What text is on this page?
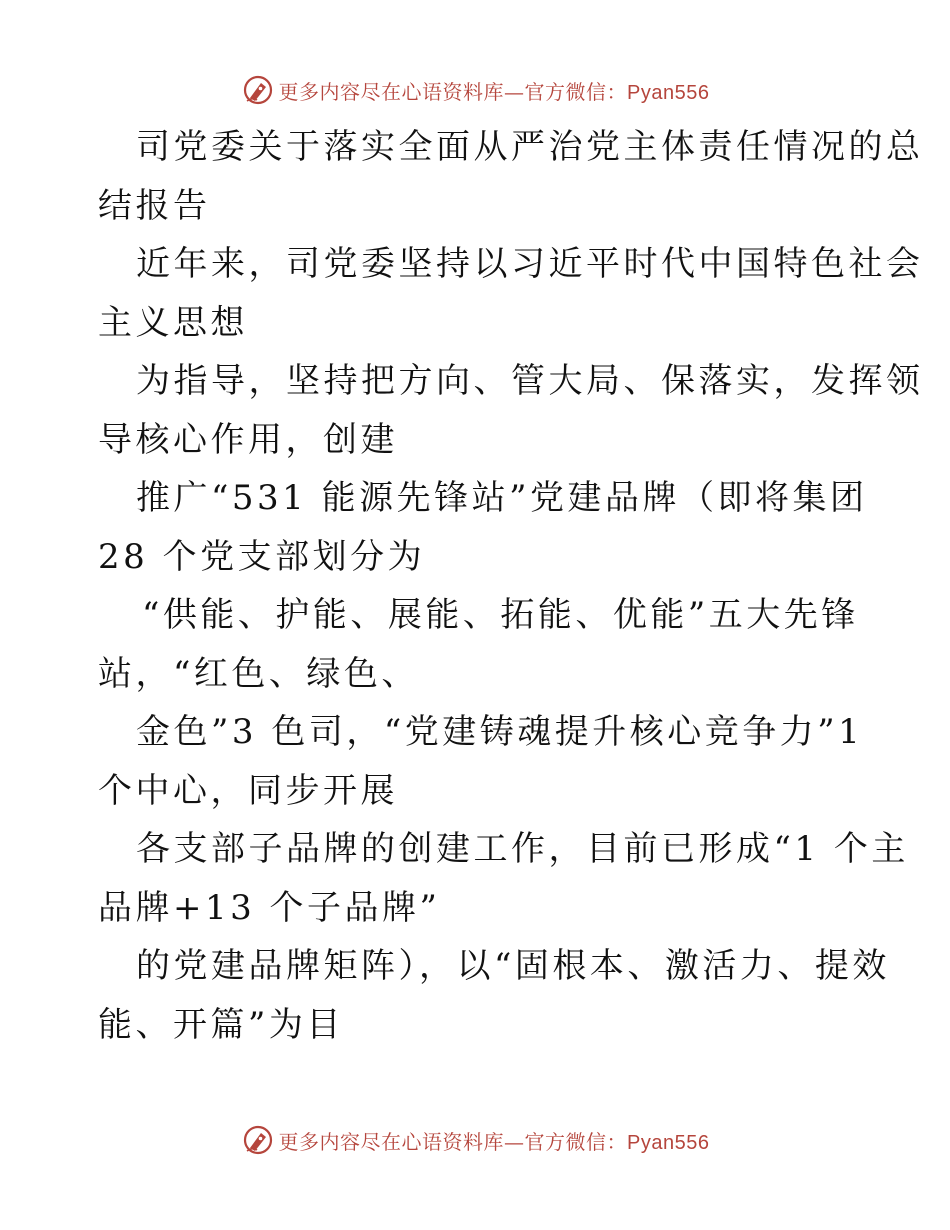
更多内容尽在心语资料库—官方微信：Pyan556
司党委关于落实全面从严治党主体责任情况的总
结报告
近年来，司党委坚持以习近平时代中国特色社会
主义思想
为指导，坚持把方向、管大局、保落实，发挥领
导核心作用，创建
推广“531 能源先锋站”党建品牌（即将集团
28 个党支部划分为
“供能、护能、展能、拓能、优能”五大先锋
站，“红色、绿色、
金色”3 色司，“党建铸魂提升核心竞争力”1
个中心，同步开展
各支部子品牌的创建工作，目前已形成“1 个主
品牌+13 个子品牌”
的党建品牌矩阵），以“固根本、激活力、提效
能、开篇”为目
更多内容尽在心语资料库—官方微信：Pyan556
